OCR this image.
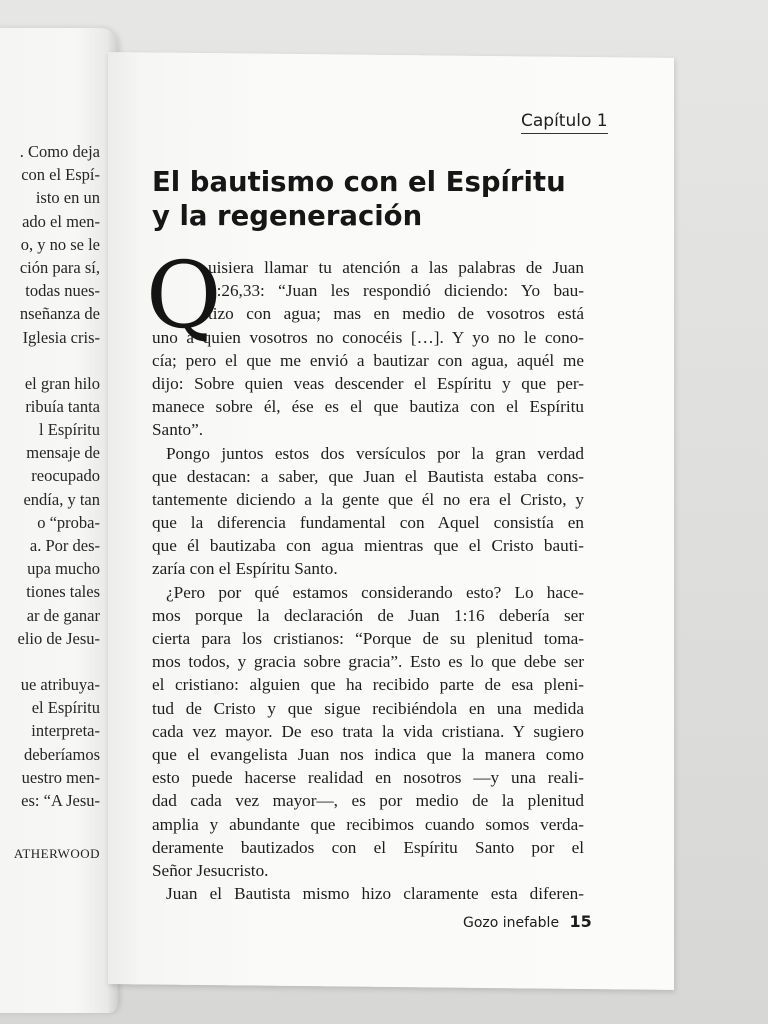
. Como deja
con el Espí-
isto en un
ado el men-
o, y no se le
ción para sí,
todas nues-
nseñanza de
Iglesia cris-
el gran hilo
ribuía tanta
l Espíritu
mensaje de
reocupado
endía, y tan
o “proba-
a. Por des-
upa mucho
tiones tales
ar de ganar
elio de Jesu-
ue atribuya-
el Espíritu
interpreta-
deberíamos
uestro men-
es: “A Jesu-
ATHERWOOD
Capítulo 1
El bautismo con el Espíritu
y la regeneración
Q
uisiera llamar tu atención a las palabras de Juan
1:26,33: “Juan les respondió diciendo: Yo bau-
tizo con agua; mas en medio de vosotros está
uno a quien vosotros no conocéis […]. Y yo no le cono-
cía; pero el que me envió a bautizar con agua, aquél me
dijo: Sobre quien veas descender el Espíritu y que per-
manece sobre él, ése es el que bautiza con el Espíritu
Santo”.
Pongo juntos estos dos versículos por la gran verdad
que destacan: a saber, que Juan el Bautista estaba cons-
tantemente diciendo a la gente que él no era el Cristo, y
que la diferencia fundamental con Aquel consistía en
que él bautizaba con agua mientras que el Cristo bauti-
zaría con el Espíritu Santo.
¿Pero por qué estamos considerando esto? Lo hace-
mos porque la declaración de Juan 1:16 debería ser
cierta para los cristianos: “Porque de su plenitud toma-
mos todos, y gracia sobre gracia”. Esto es lo que debe ser
el cristiano: alguien que ha recibido parte de esa pleni-
tud de Cristo y que sigue recibiéndola en una medida
cada vez mayor. De eso trata la vida cristiana. Y sugiero
que el evangelista Juan nos indica que la manera como
esto puede hacerse realidad en nosotros —y una reali-
dad cada vez mayor—, es por medio de la plenitud
amplia y abundante que recibimos cuando somos verda-
deramente bautizados con el Espíritu Santo por el
Señor Jesucristo.
Juan el Bautista mismo hizo claramente esta diferen-
Gozo inefable 15
